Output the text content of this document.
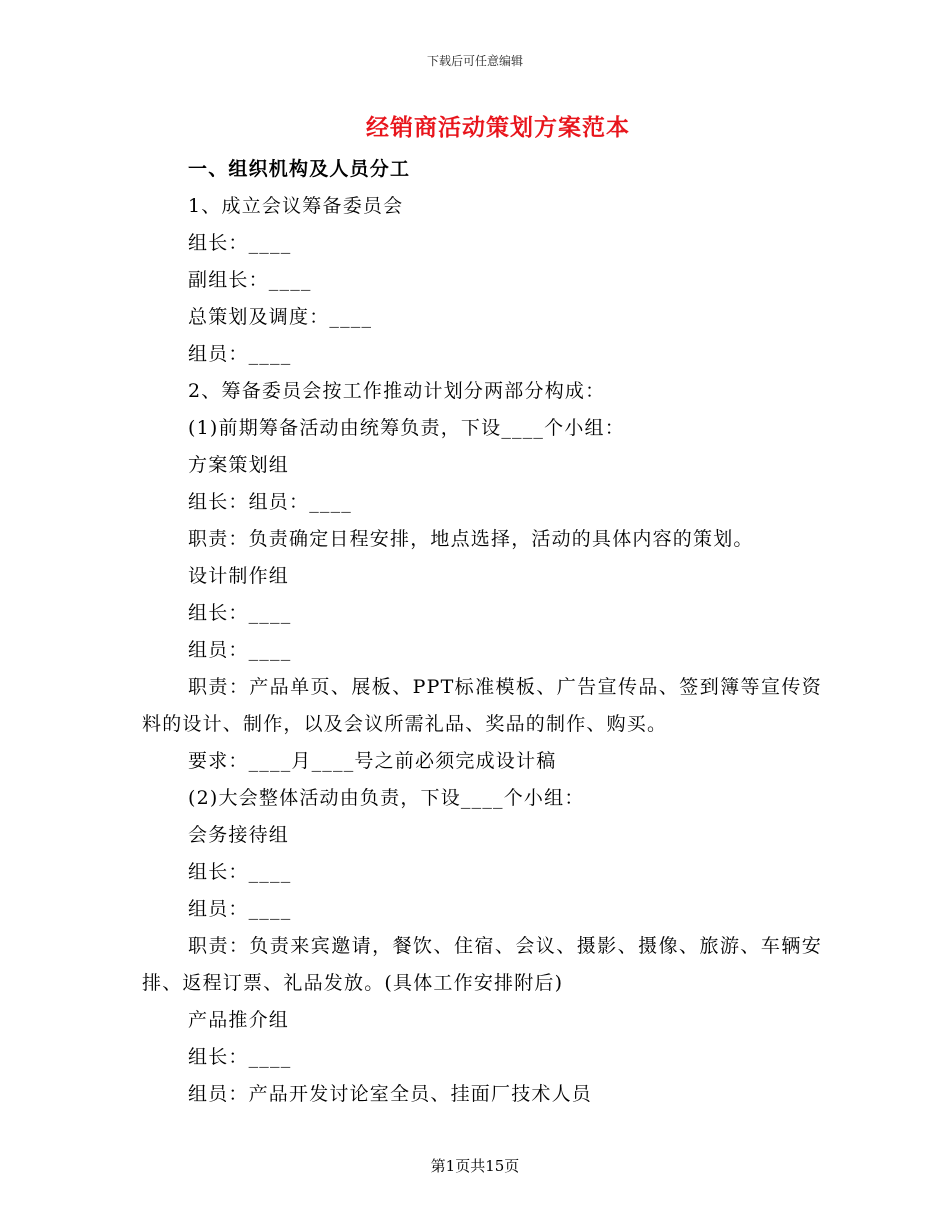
下载后可任意编辑
经销商活动策划方案范本

一、组织机构及人员分工

1、成立会议筹备委员会

组长：____

副组长：____

总策划及调度：____

组员：____

2、筹备委员会按工作推动计划分两部分构成：

(1)前期筹备活动由统筹负责，下设____个小组：

方案策划组

组长：组员：____

职责：负责确定日程安排，地点选择，活动的具体内容的策划。

设计制作组

组长：____

组员：____

职责：产品单页、展板、PPT标准模板、广告宣传品、签到簿等宣传资料的设计、制作，以及会议所需礼品、奖品的制作、购买。

要求：____月____号之前必须完成设计稿

(2)大会整体活动由负责，下设____个小组：

会务接待组

组长：____

组员：____

职责：负责来宾邀请，餐饮、住宿、会议、摄影、摄像、旅游、车辆安排、返程订票、礼品发放。(具体工作安排附后)

产品推介组

组长：____

组员：产品开发讨论室全员、挂面厂技术人员

第1页共15页
